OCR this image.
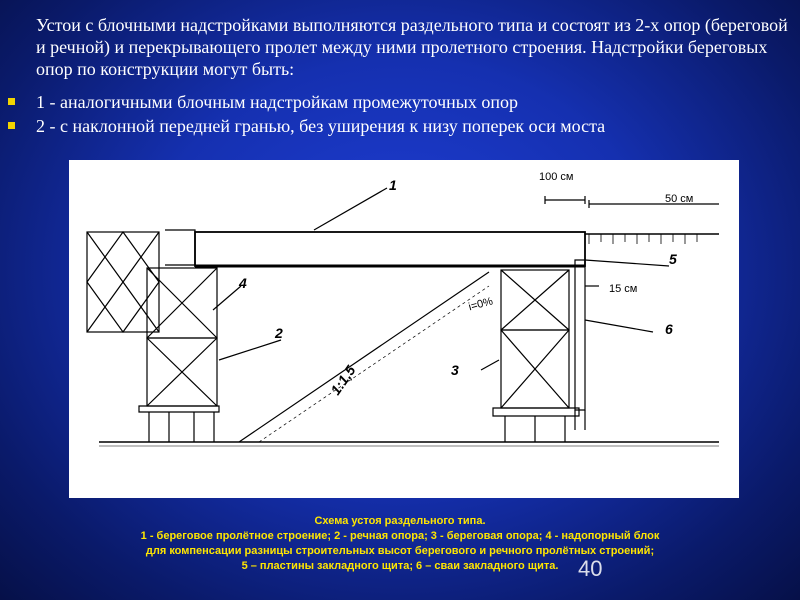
Устои с блочными надстройками выполняются раздельного типа и состоят из 2-х опор (береговой и речной) и перекрывающего пролет между ними пролетного строения. Надстройки береговых опор по конструкции могут быть:

1 - аналогичными блочным надстройкам промежуточных опор
2 - с наклонной передней гранью, без уширения к низу поперек оси моста
100 см
50 см
15 см
1:1,5
i=0%
1
2
3
4
5
6
Схема устоя раздельного типа.
1 - береговое пролётное строение; 2 - речная опора; 3 - береговая опора; 4 - надопорный блок
для компенсации разницы строительных высот берегового и речного пролётных строений;
5 – пластины закладного щита; 6 – сваи закладного щита. 40
